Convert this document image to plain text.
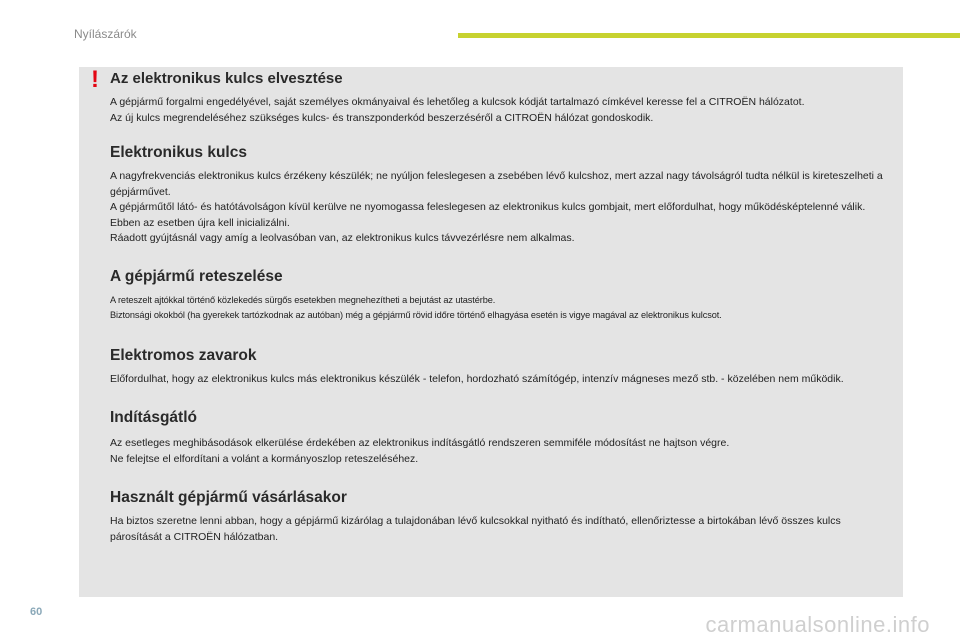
Nyílászárók
! Az elektronikus kulcs elvesztése

A gépjármű forgalmi engedélyével, saját személyes okmányaival és lehetőleg a kulcsok kódját tartalmazó címkével keresse fel a CITROËN hálózatot.

Az új kulcs megrendeléséhez szükséges kulcs- és transzponderkód beszerzéséről a CITROËN hálózat gondoskodik.

Elektronikus kulcs

A nagyfrekvenciás elektronikus kulcs érzékeny készülék; ne nyúljon feleslegesen a zsebében lévő kulcshoz, mert azzal nagy távolságról tudta nélkül is kireteszelheti a gépjárművet.

A gépjárműtől látó- és hatótávolságon kívül kerülve ne nyomogassa feleslegesen az elektronikus kulcs gombjait, mert előfordulhat, hogy működésképtelenné válik. Ebben az esetben újra kell inicializálni.

Ráadott gyújtásnál vagy amíg a leolvasóban van, az elektronikus kulcs távvezérlésre nem alkalmas.

A gépjármű reteszelése

A reteszelt ajtókkal történő közlekedés sürgős esetekben megnehezítheti a bejutást az utastérbe.

Biztonsági okokból (ha gyerekek tartózkodnak az autóban) még a gépjármű rövid időre történő elhagyása esetén is vigye magával az elektronikus kulcsot.

Elektromos zavarok

Előfordulhat, hogy az elektronikus kulcs más elektronikus készülék - telefon, hordozható számítógép, intenzív mágneses mező stb. - közelében nem működik.

Indításgátló

Az esetleges meghibásodások elkerülése érdekében az elektronikus indításgátló rendszeren semmiféle módosítást ne hajtson végre.

Ne felejtse el elfordítani a volánt a kormányoszlop reteszeléséhez.

Használt gépjármű vásárlásakor

Ha biztos szeretne lenni abban, hogy a gépjármű kizárólag a tulajdonában lévő kulcsokkal nyitható és indítható, ellenőriztesse a birtokában lévő összes kulcs párosítását a CITROËN hálózatban.

60	carmanualsonline.info
